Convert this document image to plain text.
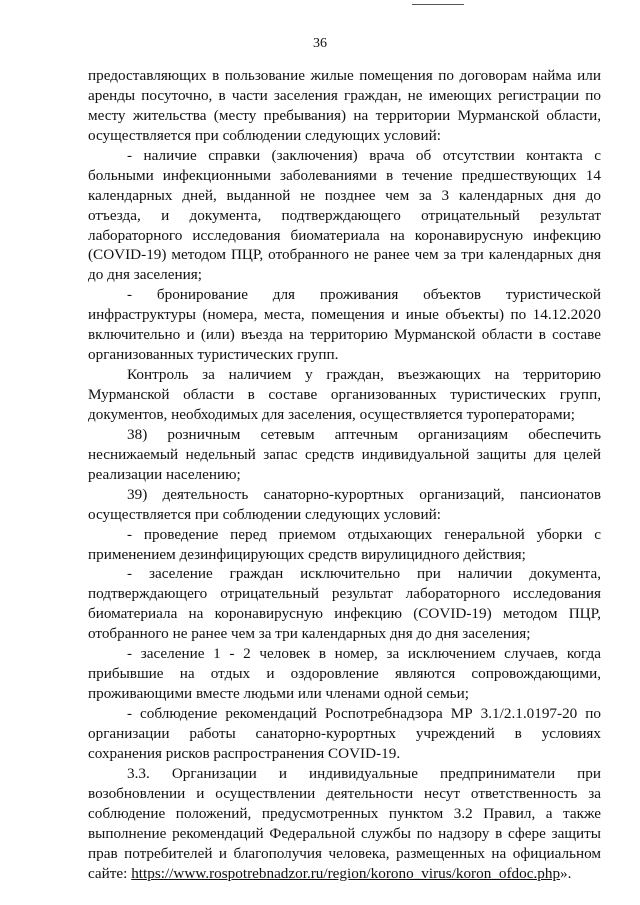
36
предоставляющих в пользование жилые помещения по договорам найма или
аренды посуточно, в части заселения граждан, не имеющих регистрации по
месту жительства (месту пребывания) на территории Мурманской области,
осуществляется при соблюдении следующих условий:
- наличие справки (заключения) врача об отсутствии контакта с
больными инфекционными заболеваниями в течение предшествующих 14
календарных дней, выданной не позднее чем за 3 календарных дня до
отъезда, и документа, подтверждающего отрицательный результат
лабораторного исследования биоматериала на коронавирусную инфекцию
(COVID-19) методом ПЦР, отобранного не ранее чем за три календарных дня
до дня заселения;
- бронирование для проживания объектов туристической
инфраструктуры (номера, места, помещения и иные объекты) по 14.12.2020
включительно и (или) въезда на территорию Мурманской области в составе
организованных туристических групп.
Контроль за наличием у граждан, въезжающих на территорию
Мурманской области в составе организованных туристических групп,
документов, необходимых для заселения, осуществляется туроператорами;
38) розничным сетевым аптечным организациям обеспечить
неснижаемый недельный запас средств индивидуальной защиты для целей
реализации населению;
39) деятельность санаторно-курортных организаций, пансионатов
осуществляется при соблюдении следующих условий:
- проведение перед приемом отдыхающих генеральной уборки с
применением дезинфицирующих средств вирулицидного действия;
- заселение граждан исключительно при наличии документа,
подтверждающего отрицательный результат лабораторного исследования
биоматериала на коронавирусную инфекцию (COVID-19) методом ПЦР,
отобранного не ранее чем за три календарных дня до дня заселения;
- заселение 1 - 2 человек в номер, за исключением случаев, когда
прибывшие на отдых и оздоровление являются сопровождающими,
проживающими вместе людьми или членами одной семьи;
- соблюдение рекомендаций Роспотребнадзора МР 3.1/2.1.0197-20 по
организации работы санаторно-курортных учреждений в условиях
сохранения рисков распространения COVID-19.
3.3. Организации и индивидуальные предприниматели при
возобновлении и осуществлении деятельности несут ответственность за
соблюдение положений, предусмотренных пунктом 3.2 Правил, а также
выполнение рекомендаций Федеральной службы по надзору в сфере защиты
прав потребителей и благополучия человека, размещенных на официальном
сайте: https://www.rospotrebnadzor.ru/region/korono_virus/koron_ofdoc.php».
